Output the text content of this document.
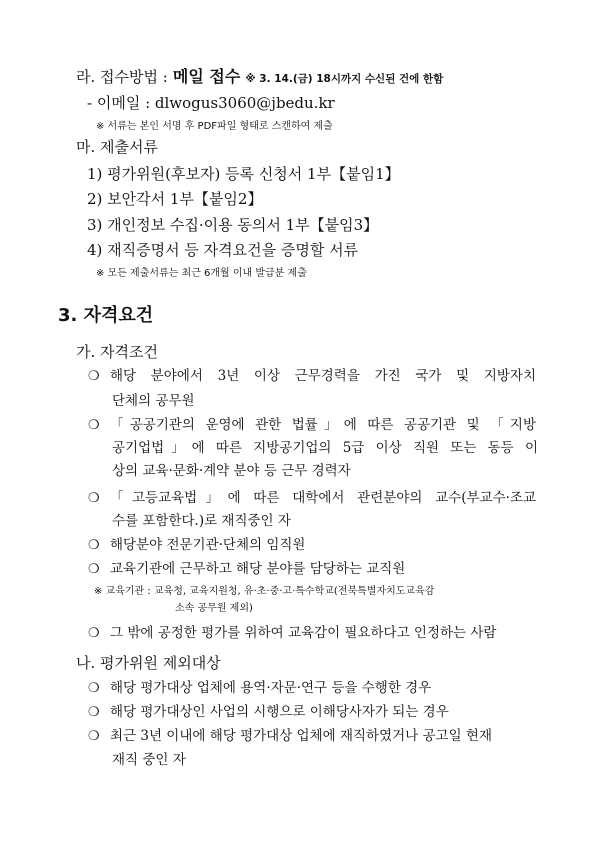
라. 접수방법 : 메일 접수 ※ 3. 14.(금) 18시까지 수신된 건에 한함
- 이메일 : dlwogus3060@jbedu.kr
※ 서류는 본인 서명 후 PDF파일 형태로 스캔하여 제출
마. 제출서류
1) 평가위원(후보자) 등록 신청서 1부【붙임1】
2) 보안각서 1부【붙임2】
3) 개인정보 수집·이용 동의서 1부【붙임3】
4) 재직증명서 등 자격요건을 증명할 서류
※ 모든 제출서류는 최근 6개월 이내 발급분 제출
3. 자격요건
가. 자격조건
❍ 해당 분야에서 3년 이상 근무경력을 가진 국가 및 지방자치
단체의 공무원
❍ 「공공기관의 운영에 관한 법률」에 따른 공공기관 및 「지방
공기업법」에 따른 지방공기업의 5급 이상 직원 또는 동등 이
상의 교육·문화·계약 분야 등 근무 경력자
❍ 「고등교육법」에 따른 대학에서 관련분야의 교수(부교수·조교
수를 포함한다.)로 재직중인 자
❍ 해당분야 전문기관·단체의 임직원
❍ 교육기관에 근무하고 해당 분야를 담당하는 교직원
※ 교육기관 : 교육청, 교육지원청, 유·초·중·고·특수학교(전북특별자치도교육감
소속 공무원 제외)
❍ 그 밖에 공정한 평가를 위하여 교육감이 필요하다고 인정하는 사람
나. 평가위원 제외대상
❍ 해당 평가대상 업체에 용역·자문·연구 등을 수행한 경우
❍ 해당 평가대상인 사업의 시행으로 이해당사자가 되는 경우
❍ 최근 3년 이내에 해당 평가대상 업체에 재직하였거나 공고일 현재
재직 중인 자
